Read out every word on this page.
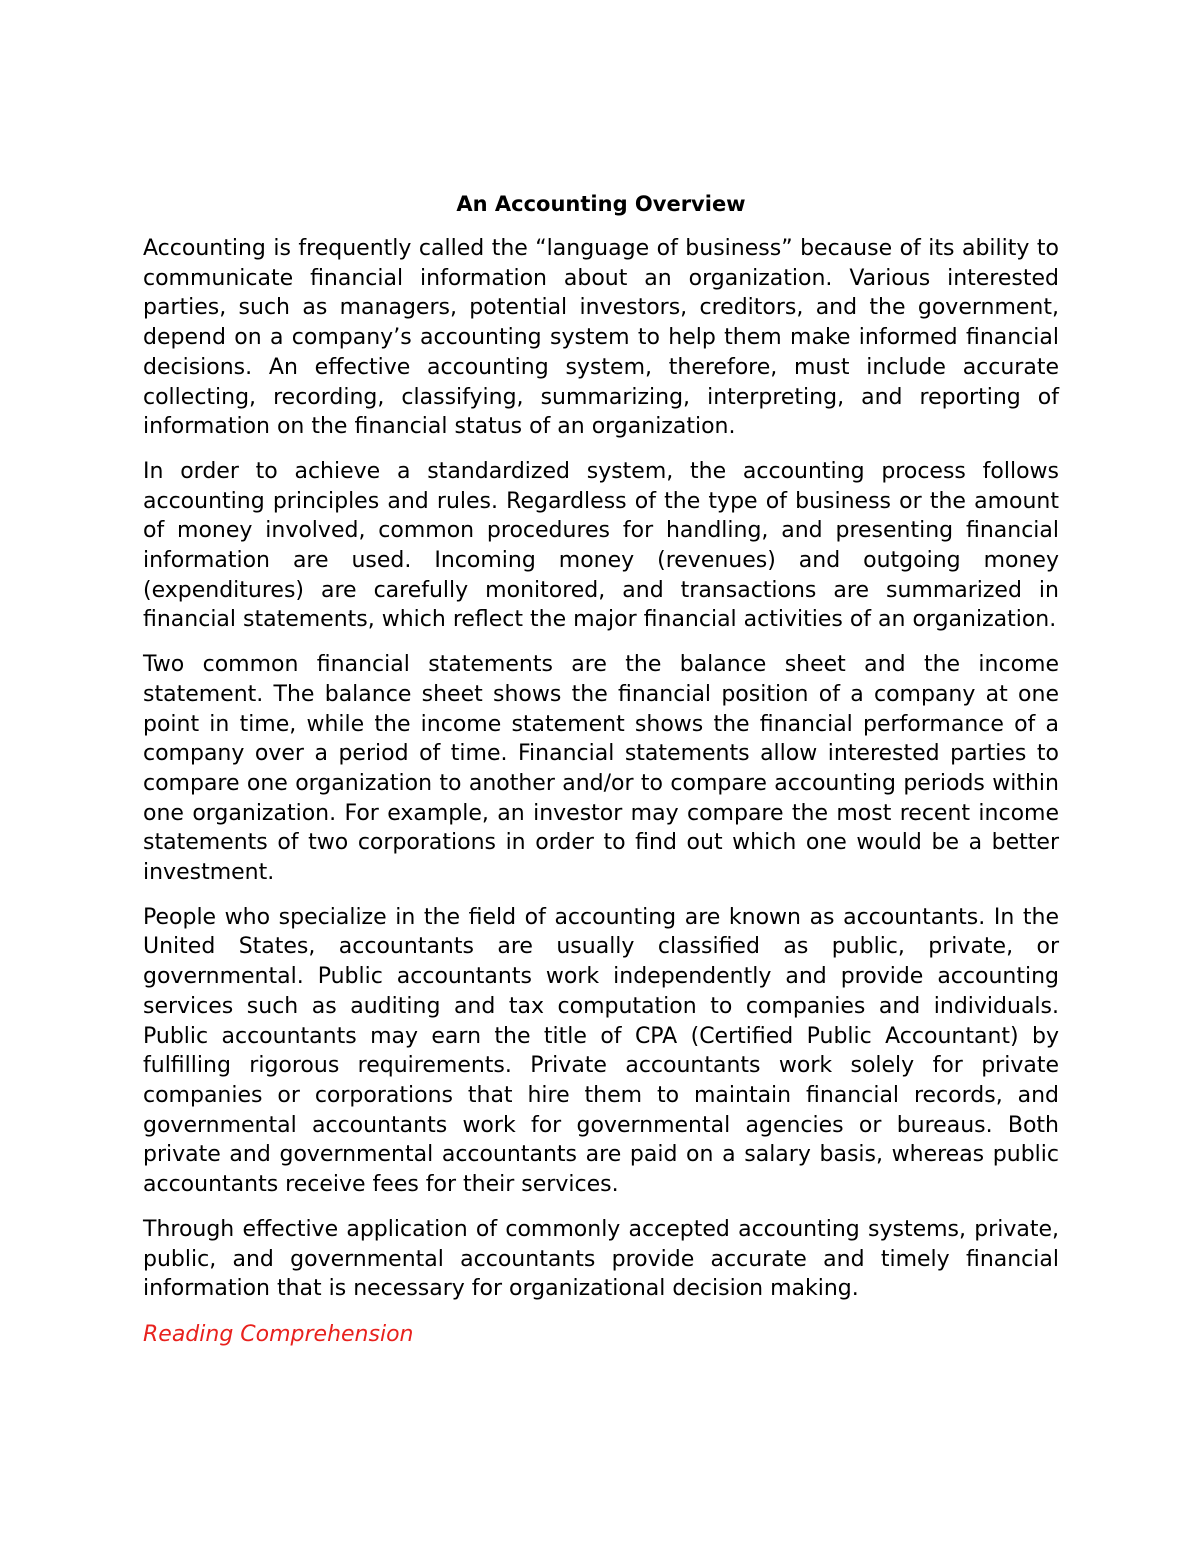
An Accounting Overview

Accounting is frequently called the “language of business” because of its ability to communicate financial information about an organization. Various interested parties, such as managers, potential investors, creditors, and the government, depend on a company’s accounting system to help them make informed financial decisions. An effective accounting system, therefore, must include accurate collecting, recording, classifying, summarizing, interpreting, and reporting of information on the financial status of an organization.

In order to achieve a standardized system, the accounting process follows accounting principles and rules. Regardless of the type of business or the amount of money involved, common procedures for handling, and presenting financial information are used. Incoming money (revenues) and outgoing money (expenditures) are carefully monitored, and transactions are summarized in financial statements, which reflect the major financial activities of an organization.

Two common financial statements are the balance sheet and the income statement. The balance sheet shows the financial position of a company at one point in time, while the income statement shows the financial performance of a company over a period of time. Financial statements allow interested parties to compare one organization to another and/or to compare accounting periods within one organization. For example, an investor may compare the most recent income statements of two corporations in order to find out which one would be a better investment.

People who specialize in the field of accounting are known as accountants. In the United States, accountants are usually classified as public, private, or governmental. Public accountants work independently and provide accounting services such as auditing and tax computation to companies and individuals. Public accountants may earn the title of CPA (Certified Public Accountant) by fulfilling rigorous requirements. Private accountants work solely for private companies or corporations that hire them to maintain financial records, and governmental accountants work for governmental agencies or bureaus. Both private and governmental accountants are paid on a salary basis, whereas public accountants receive fees for their services.

Through effective application of commonly accepted accounting systems, private, public, and governmental accountants provide accurate and timely financial information that is necessary for organizational decision making.

Reading Comprehension
